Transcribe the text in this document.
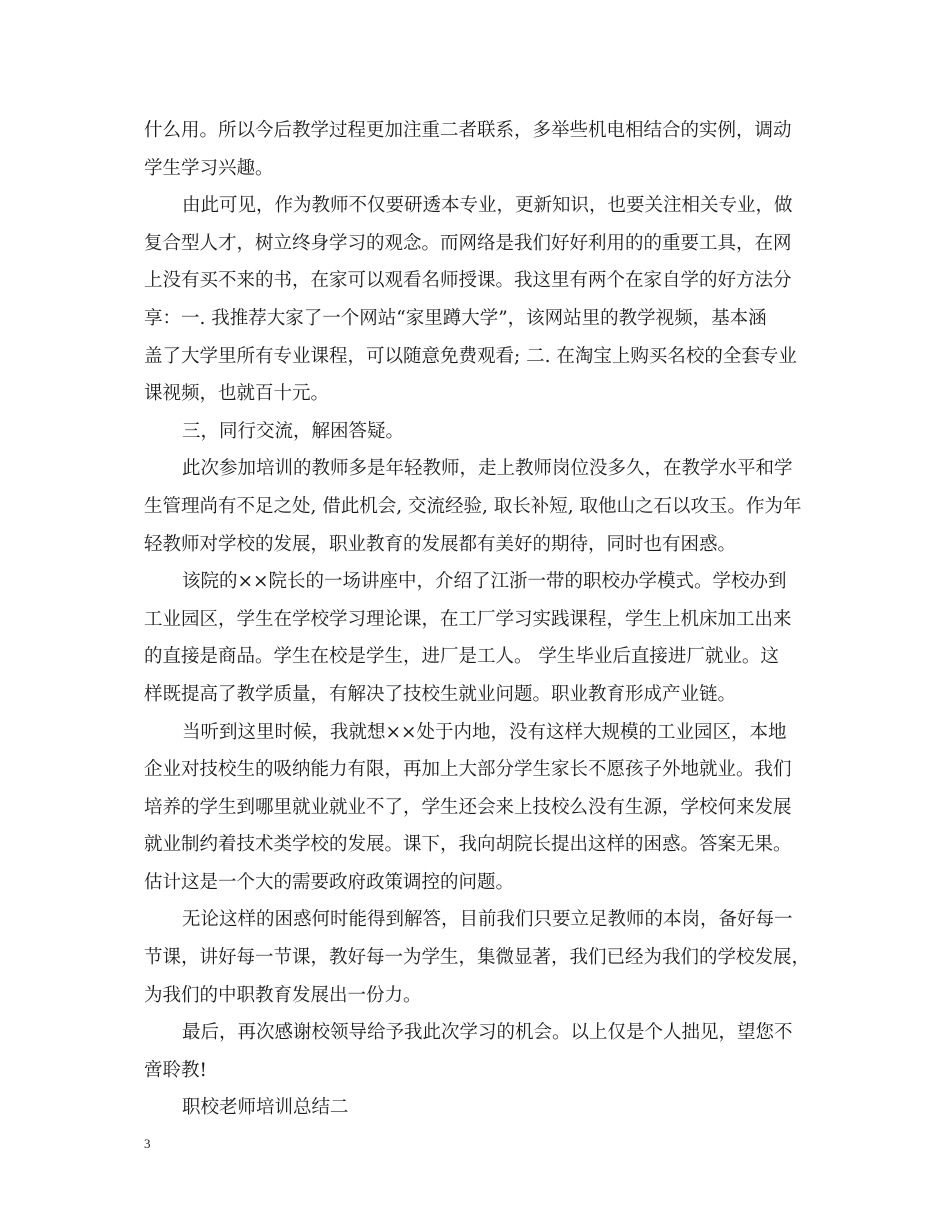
什么用。所以今后教学过程更加注重二者联系，多举些机电相结合的实例，调动
学生学习兴趣。
由此可见，作为教师不仅要研透本专业，更新知识，也要关注相关专业，做
复合型人才，树立终身学习的观念。而网络是我们好好利用的的重要工具，在网
上没有买不来的书，在家可以观看名师授课。我这里有两个在家自学的好方法分
享：一. 我推荐大家了一个网站“家里蹲大学”，该网站里的教学视频，基本涵
盖了大学里所有专业课程，可以随意免费观看; 二. 在淘宝上购买名校的全套专业
课视频，也就百十元。
三，同行交流，解困答疑。
此次参加培训的教师多是年轻教师，走上教师岗位没多久，在教学水平和学
生管理尚有不足之处, 借此机会, 交流经验, 取长补短, 取他山之石以攻玉。作为年
轻教师对学校的发展，职业教育的发展都有美好的期待，同时也有困惑。
该院的××院长的一场讲座中，介绍了江浙一带的职校办学模式。学校办到
工业园区，学生在学校学习理论课，在工厂学习实践课程，学生上机床加工出来
的直接是商品。学生在校是学生，进厂是工人。 学生毕业后直接进厂就业。这
样既提高了教学质量，有解决了技校生就业问题。职业教育形成产业链。
当听到这里时候，我就想××处于内地，没有这样大规模的工业园区，本地
企业对技校生的吸纳能力有限，再加上大部分学生家长不愿孩子外地就业。我们
培养的学生到哪里就业就业不了，学生还会来上技校么没有生源，学校何来发展
就业制约着技术类学校的发展。课下，我向胡院长提出这样的困惑。答案无果。
估计这是一个大的需要政府政策调控的问题。
无论这样的困惑何时能得到解答，目前我们只要立足教师的本岗，备好每一
节课，讲好每一节课，教好每一为学生，集微显著，我们已经为我们的学校发展，
为我们的中职教育发展出一份力。
最后，再次感谢校领导给予我此次学习的机会。以上仅是个人拙见，望您不
啻聆教!
职校老师培训总结二
3
